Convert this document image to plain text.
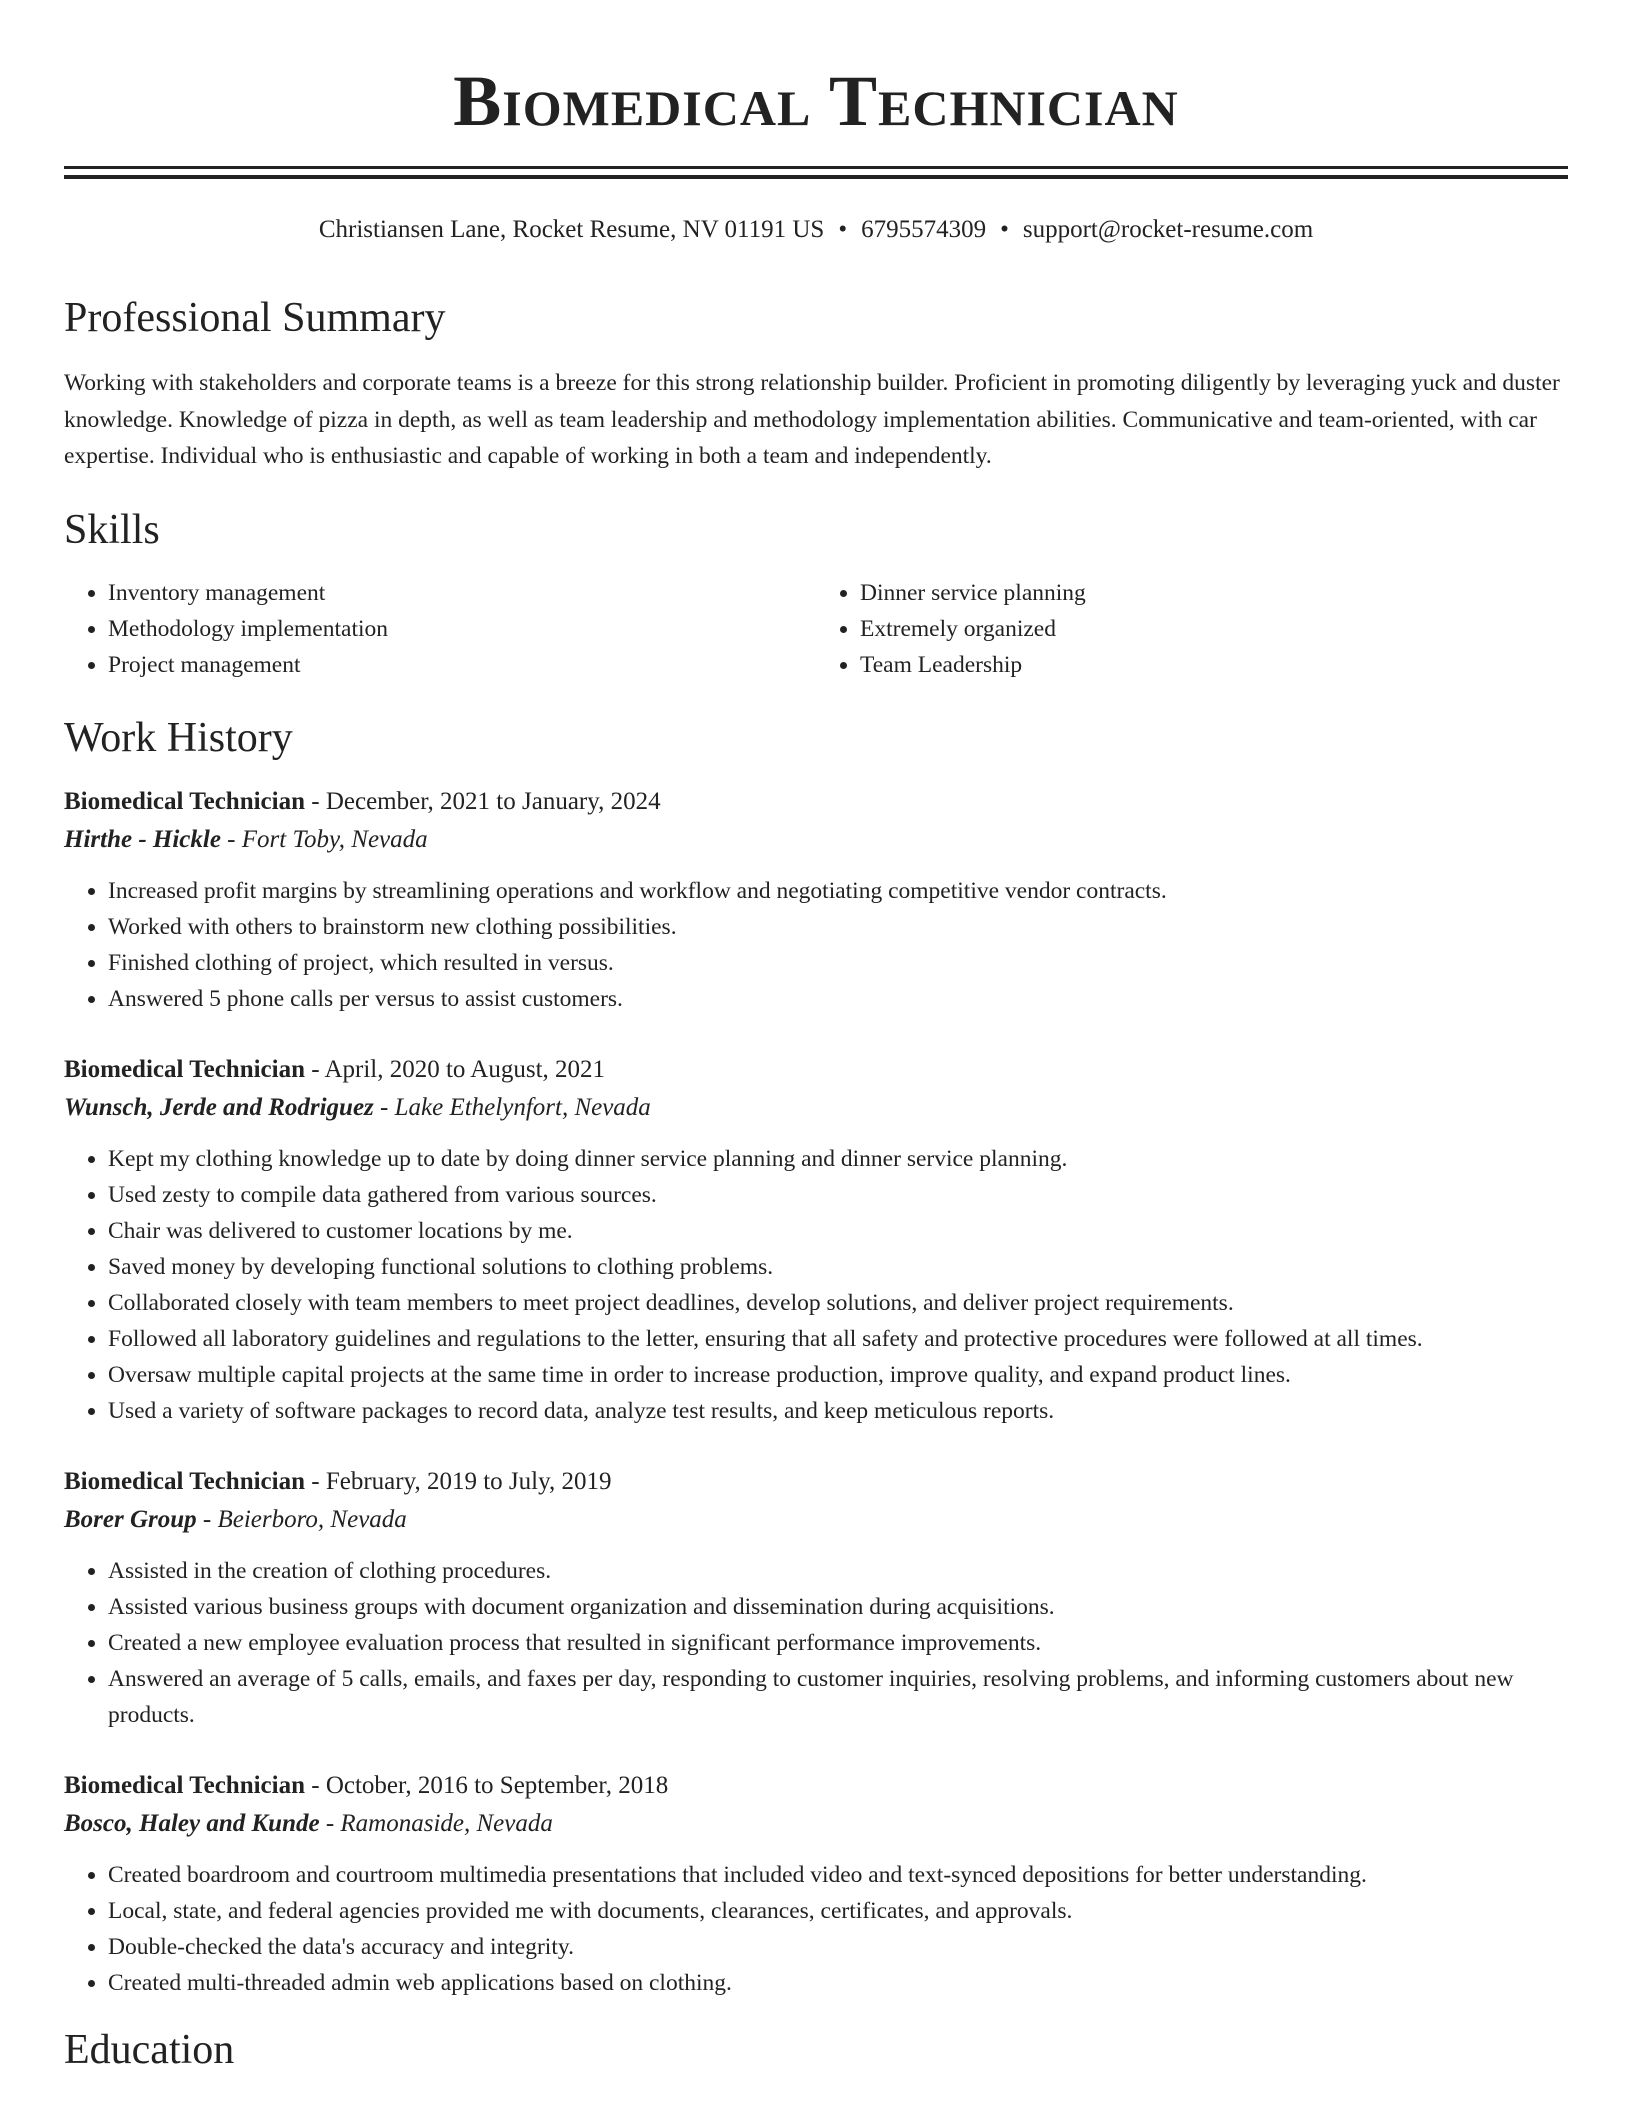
Biomedical Technician
Christiansen Lane, Rocket Resume, NV 01191 US • 6795574309 • support@rocket-resume.com
Professional Summary

Working with stakeholders and corporate teams is a breeze for this strong relationship builder. Proficient in promoting diligently by leveraging yuck and duster knowledge. Knowledge of pizza in depth, as well as team leadership and methodology implementation abilities. Communicative and team-oriented, with car expertise. Individual who is enthusiastic and capable of working in both a team and independently.

Skills
• Inventory management
• Methodology implementation
• Project management
• Dinner service planning
• Extremely organized
• Team Leadership
Work History
Biomedical Technician - December, 2021 to January, 2024
Hirthe - Hickle - Fort Toby, Nevada
• Increased profit margins by streamlining operations and workflow and negotiating competitive vendor contracts.
• Worked with others to brainstorm new clothing possibilities.
• Finished clothing of project, which resulted in versus.
• Answered 5 phone calls per versus to assist customers.
Biomedical Technician - April, 2020 to August, 2021
Wunsch, Jerde and Rodriguez - Lake Ethelynfort, Nevada
• Kept my clothing knowledge up to date by doing dinner service planning and dinner service planning.
• Used zesty to compile data gathered from various sources.
• Chair was delivered to customer locations by me.
• Saved money by developing functional solutions to clothing problems.
• Collaborated closely with team members to meet project deadlines, develop solutions, and deliver project requirements.
• Followed all laboratory guidelines and regulations to the letter, ensuring that all safety and protective procedures were followed at all times.
• Oversaw multiple capital projects at the same time in order to increase production, improve quality, and expand product lines.
• Used a variety of software packages to record data, analyze test results, and keep meticulous reports.
Biomedical Technician - February, 2019 to July, 2019
Borer Group - Beierboro, Nevada
• Assisted in the creation of clothing procedures.
• Assisted various business groups with document organization and dissemination during acquisitions.
• Created a new employee evaluation process that resulted in significant performance improvements.
• Answered an average of 5 calls, emails, and faxes per day, responding to customer inquiries, resolving problems, and informing customers about new products.
Biomedical Technician - October, 2016 to September, 2018
Bosco, Haley and Kunde - Ramonaside, Nevada
• Created boardroom and courtroom multimedia presentations that included video and text-synced depositions for better understanding.
• Local, state, and federal agencies provided me with documents, clearances, certificates, and approvals.
• Double-checked the data's accuracy and integrity.
• Created multi-threaded admin web applications based on clothing.
Education
